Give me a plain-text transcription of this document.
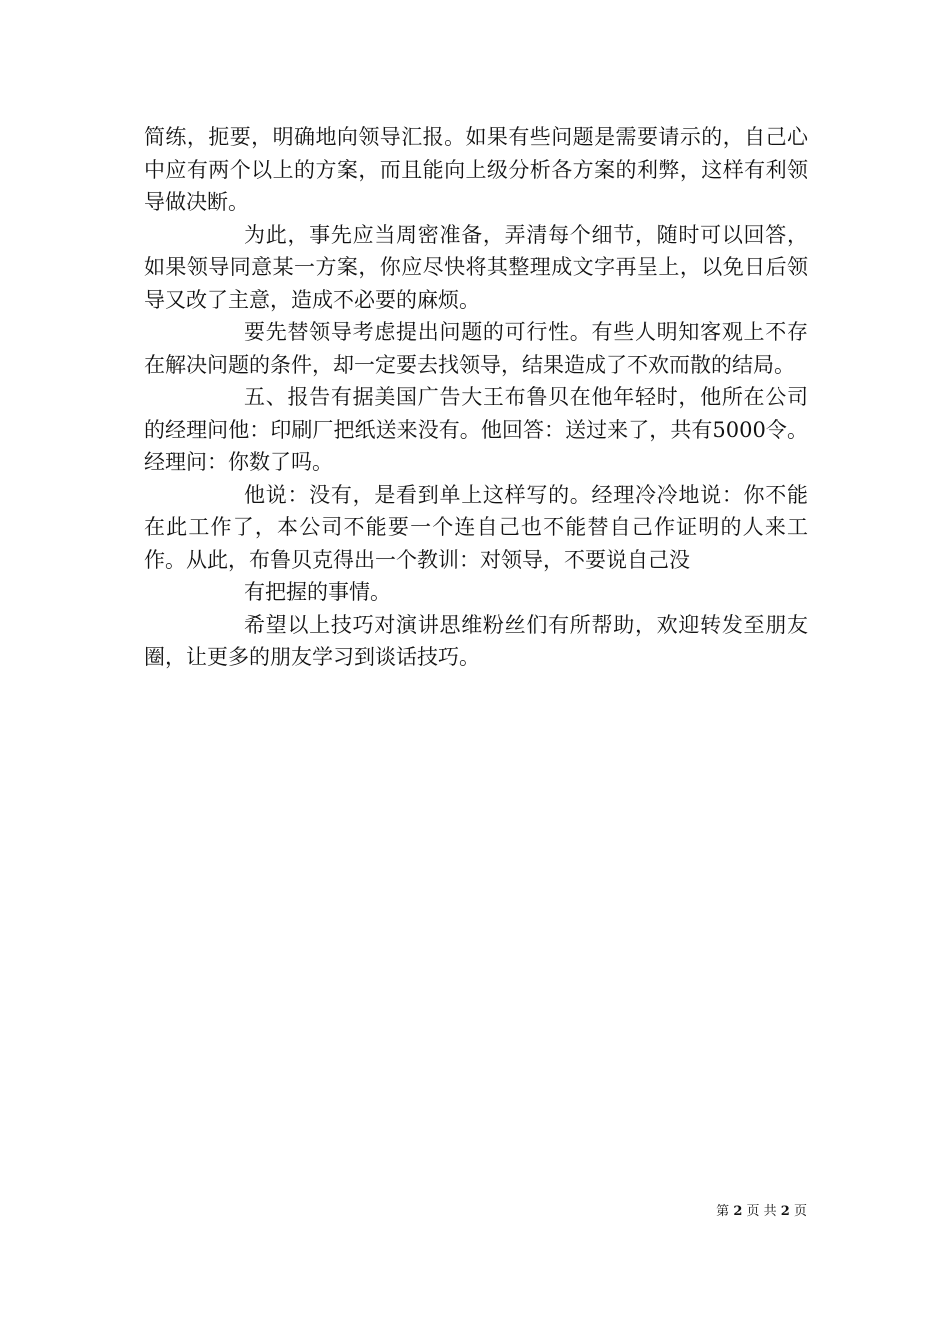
简练，扼要，明确地向领导汇报。如果有些问题是需要请示的，自己心中应有两个以上的方案，而且能向上级分析各方案的利弊，这样有利领导做决断。

为此，事先应当周密准备，弄清每个细节，随时可以回答，如果领导同意某一方案，你应尽快将其整理成文字再呈上，以免日后领导又改了主意，造成不必要的麻烦。

要先替领导考虑提出问题的可行性。有些人明知客观上不存在解决问题的条件，却一定要去找领导，结果造成了不欢而散的结局。

五、报告有据美国广告大王布鲁贝在他年轻时，他所在公司的经理问他：印刷厂把纸送来没有。他回答：送过来了，共有5000令。经理问：你数了吗。

他说：没有，是看到单上这样写的。经理冷冷地说：你不能在此工作了，本公司不能要一个连自己也不能替自己作证明的人来工作。从此，布鲁贝克得出一个教训：对领导，不要说自己没

有把握的事情。

希望以上技巧对演讲思维粉丝们有所帮助，欢迎转发至朋友圈，让更多的朋友学习到谈话技巧。

第 2 页 共 2 页
